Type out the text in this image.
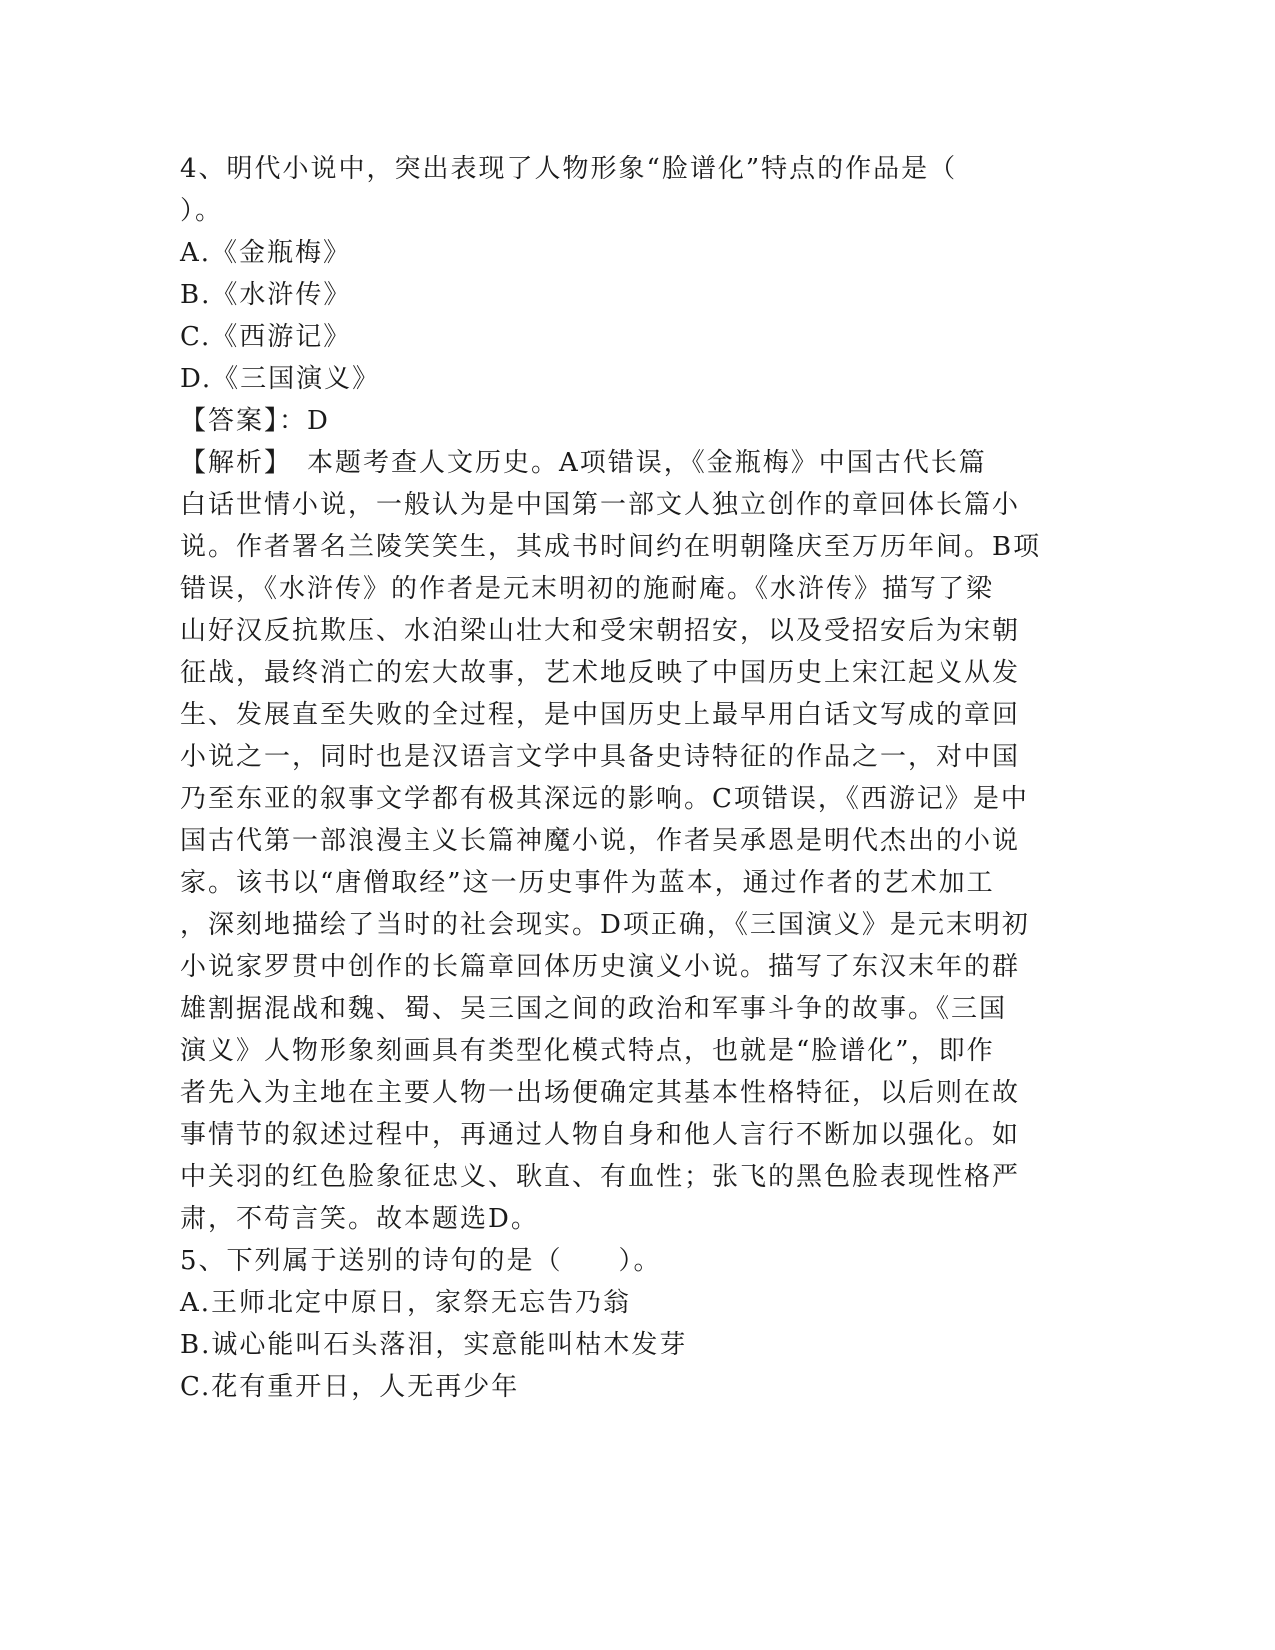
4、明代小说中，突出表现了人物形象“脸谱化”特点的作品是（
）。
A.《金瓶梅》
B.《水浒传》
C.《西游记》
D.《三国演义》
【答案】：D
【解析】　本题考查人文历史。A项错误，《金瓶梅》中国古代长篇
白话世情小说，一般认为是中国第一部文人独立创作的章回体长篇小
说。作者署名兰陵笑笑生，其成书时间约在明朝隆庆至万历年间。B项
错误，《水浒传》的作者是元末明初的施耐庵。《水浒传》描写了梁
山好汉反抗欺压、水泊梁山壮大和受宋朝招安，以及受招安后为宋朝
征战，最终消亡的宏大故事，艺术地反映了中国历史上宋江起义从发
生、发展直至失败的全过程，是中国历史上最早用白话文写成的章回
小说之一，同时也是汉语言文学中具备史诗特征的作品之一，对中国
乃至东亚的叙事文学都有极其深远的影响。C项错误，《西游记》是中
国古代第一部浪漫主义长篇神魔小说，作者吴承恩是明代杰出的小说
家。该书以“唐僧取经”这一历史事件为蓝本，通过作者的艺术加工
，深刻地描绘了当时的社会现实。D项正确，《三国演义》是元末明初
小说家罗贯中创作的长篇章回体历史演义小说。描写了东汉末年的群
雄割据混战和魏、蜀、吴三国之间的政治和军事斗争的故事。《三国
演义》人物形象刻画具有类型化模式特点，也就是“脸谱化”，即作
者先入为主地在主要人物一出场便确定其基本性格特征，以后则在故
事情节的叙述过程中，再通过人物自身和他人言行不断加以强化。如
中关羽的红色脸象征忠义、耿直、有血性；张飞的黑色脸表现性格严
肃，不苟言笑。故本题选D。
5、下列属于送别的诗句的是（　　）。
A.王师北定中原日，家祭无忘告乃翁
B.诚心能叫石头落泪，实意能叫枯木发芽
C.花有重开日，人无再少年
